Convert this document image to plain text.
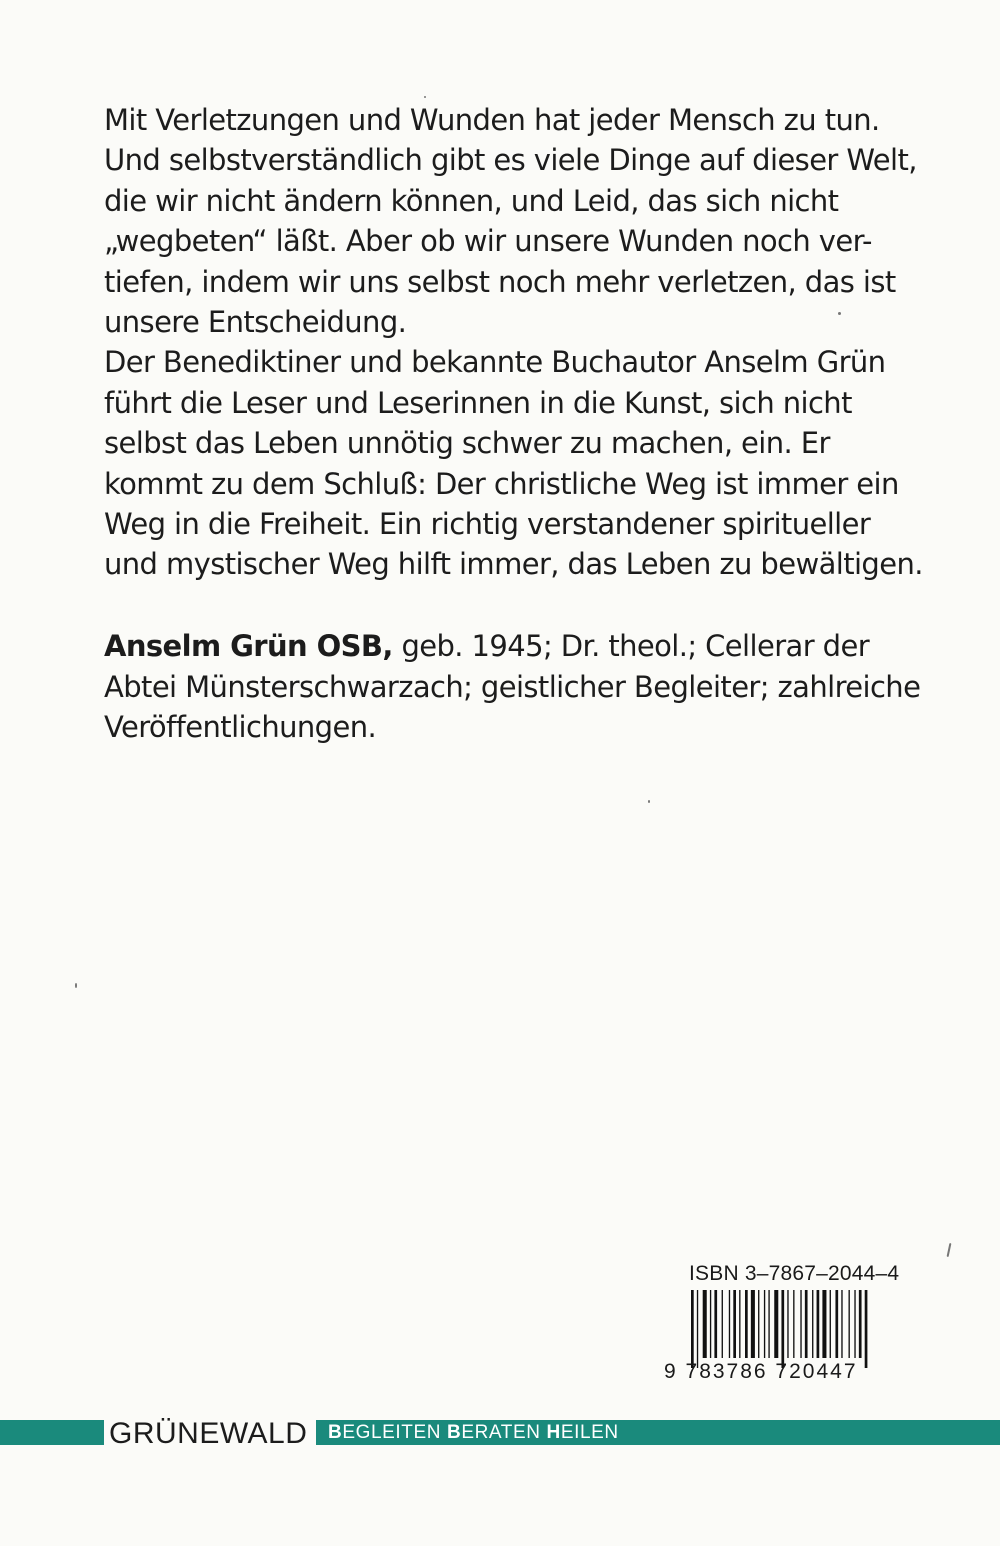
Mit Verletzungen und Wunden hat jeder Mensch zu tun.
Und selbstverständlich gibt es viele Dinge auf dieser Welt,
die wir nicht ändern können, und Leid, das sich nicht
„wegbeten“ läßt. Aber ob wir unsere Wunden noch ver-
tiefen, indem wir uns selbst noch mehr verletzen, das ist
unsere Entscheidung.
Der Benediktiner und bekannte Buchautor Anselm Grün
führt die Leser und Leserinnen in die Kunst, sich nicht
selbst das Leben unnötig schwer zu machen, ein. Er
kommt zu dem Schluß: Der christliche Weg ist immer ein
Weg in die Freiheit. Ein richtig verstandener spiritueller
und mystischer Weg hilft immer, das Leben zu bewältigen.
Anselm Grün OSB, geb. 1945; Dr. theol.; Cellerar der
Abtei Münsterschwarzach; geistlicher Begleiter; zahlreiche
Veröffentlichungen.
ISBN 3–7867–2044–4
9 783786 720447
GRÜNEWALD BEGLEITEN BERATEN HEILEN
